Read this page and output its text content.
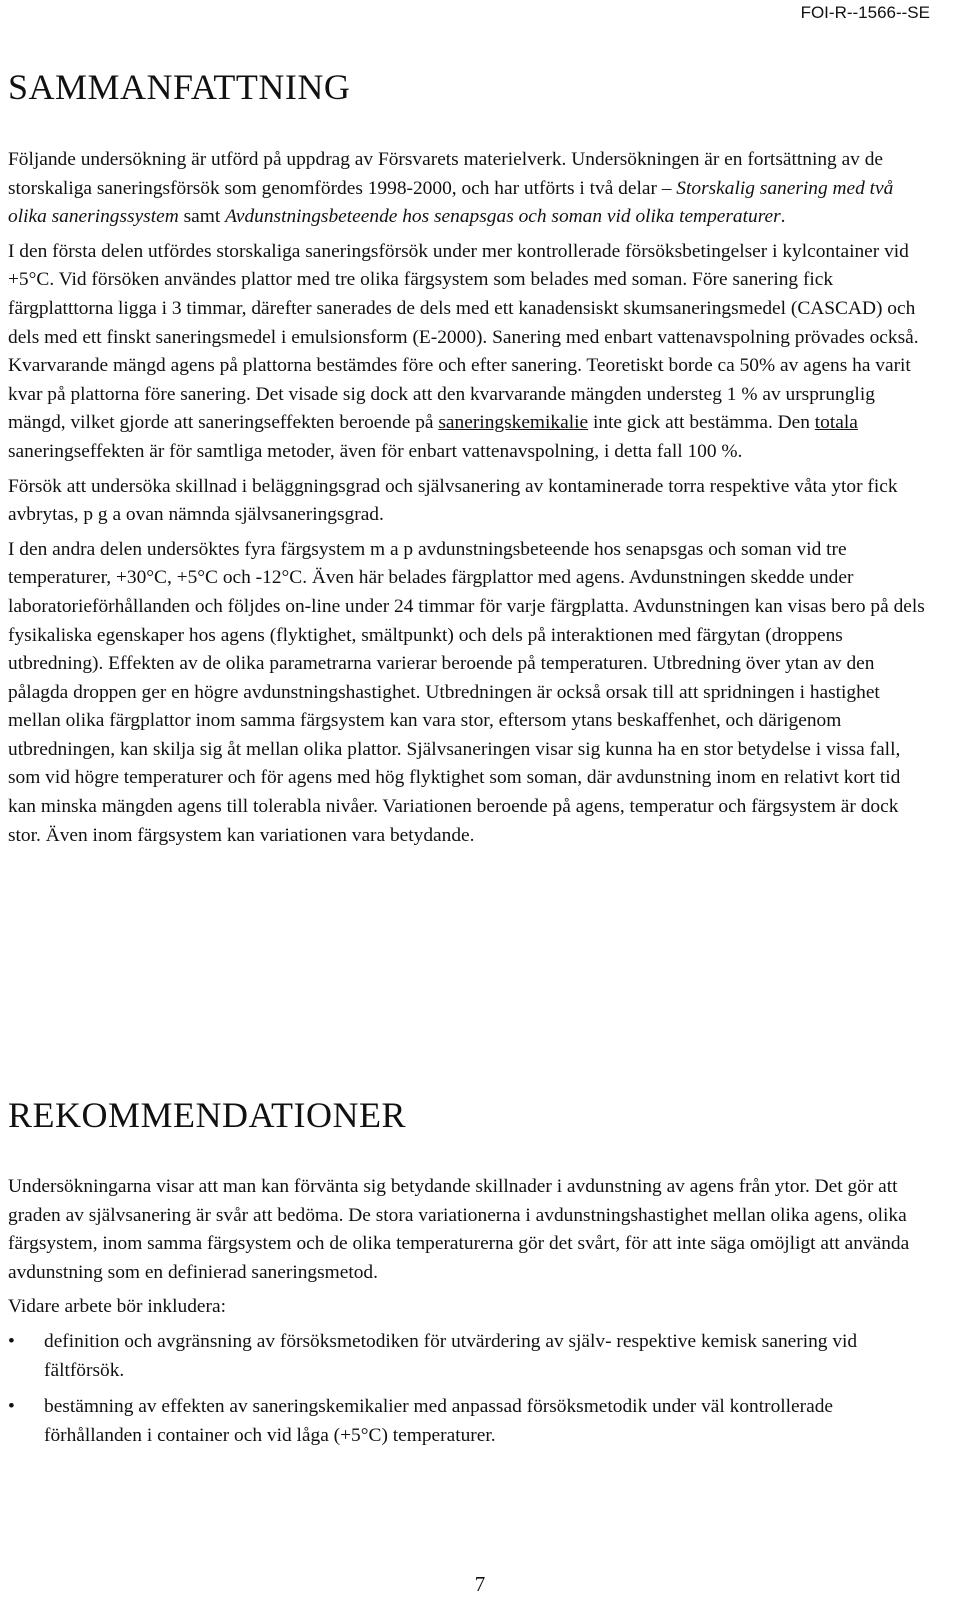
FOI-R--1566--SE
SAMMANFATTNING

Följande undersökning är utförd på uppdrag av Försvarets materielverk. Undersökningen är en fortsättning av de storskaliga saneringsförsök som genomfördes 1998-2000, och har utförts i två delar – Storskalig sanering med två olika saneringssystem samt Avdunstningsbeteende hos senapsgas och soman vid olika temperaturer.

I den första delen utfördes storskaliga saneringsförsök under mer kontrollerade försöksbetingelser i kylcontainer vid +5°C. Vid försöken användes plattor med tre olika färgsystem som belades med soman. Före sanering fick färgplatttorna ligga i 3 timmar, därefter sanerades de dels med ett kanadensiskt skumsaneringsmedel (CASCAD) och dels med ett finskt saneringsmedel i emulsionsform (E-2000). Sanering med enbart vattenavspolning prövades också. Kvarvarande mängd agens på plattorna bestämdes före och efter sanering. Teoretiskt borde ca 50% av agens ha varit kvar på plattorna före sanering. Det visade sig dock att den kvarvarande mängden understeg 1 % av ursprunglig mängd, vilket gjorde att saneringseffekten beroende på saneringskemikalie inte gick att bestämma. Den totala saneringseffekten är för samtliga metoder, även för enbart vattenavspolning, i detta fall 100 %.

Försök att undersöka skillnad i beläggningsgrad och självsanering av kontaminerade torra respektive våta ytor fick avbrytas, p g a ovan nämnda självsaneringsgrad.

I den andra delen undersöktes fyra färgsystem m a p avdunstningsbeteende hos senapsgas och soman vid tre temperaturer, +30°C, +5°C och -12°C. Även här belades färgplattor med agens. Avdunstningen skedde under laboratorieförhållanden och följdes on-line under 24 timmar för varje färgplatta. Avdunstningen kan visas bero på dels fysikaliska egenskaper hos agens (flyktighet, smältpunkt) och dels på interaktionen med färgytan (droppens utbredning). Effekten av de olika parametrarna varierar beroende på temperaturen. Utbredning över ytan av den pålagda droppen ger en högre avdunstningshastighet. Utbredningen är också orsak till att spridningen i hastighet mellan olika färgplattor inom samma färgsystem kan vara stor, eftersom ytans beskaffenhet, och därigenom utbredningen, kan skilja sig åt mellan olika plattor. Självsaneringen visar sig kunna ha en stor betydelse i vissa fall, som vid högre temperaturer och för agens med hög flyktighet som soman, där avdunstning inom en relativt kort tid kan minska mängden agens till tolerabla nivåer. Variationen beroende på agens, temperatur och färgsystem är dock stor. Även inom färgsystem kan variationen vara betydande.

REKOMMENDATIONER

Undersökningarna visar att man kan förvänta sig betydande skillnader i avdunstning av agens från ytor. Det gör att graden av självsanering är svår att bedöma. De stora variationerna i avdunstningshastighet mellan olika agens, olika färgsystem, inom samma färgsystem och de olika temperaturerna gör det svårt, för att inte säga omöjligt att använda avdunstning som en definierad saneringsmetod.

Vidare arbete bör inkludera:

• definition och avgränsning av försöksmetodiken för utvärdering av själv- respektive kemisk sanering vid fältförsök.
• bestämning av effekten av saneringskemikalier med anpassad försöksmetodik under väl kontrollerade förhållanden i container och vid låga (+5°C) temperaturer.
7
